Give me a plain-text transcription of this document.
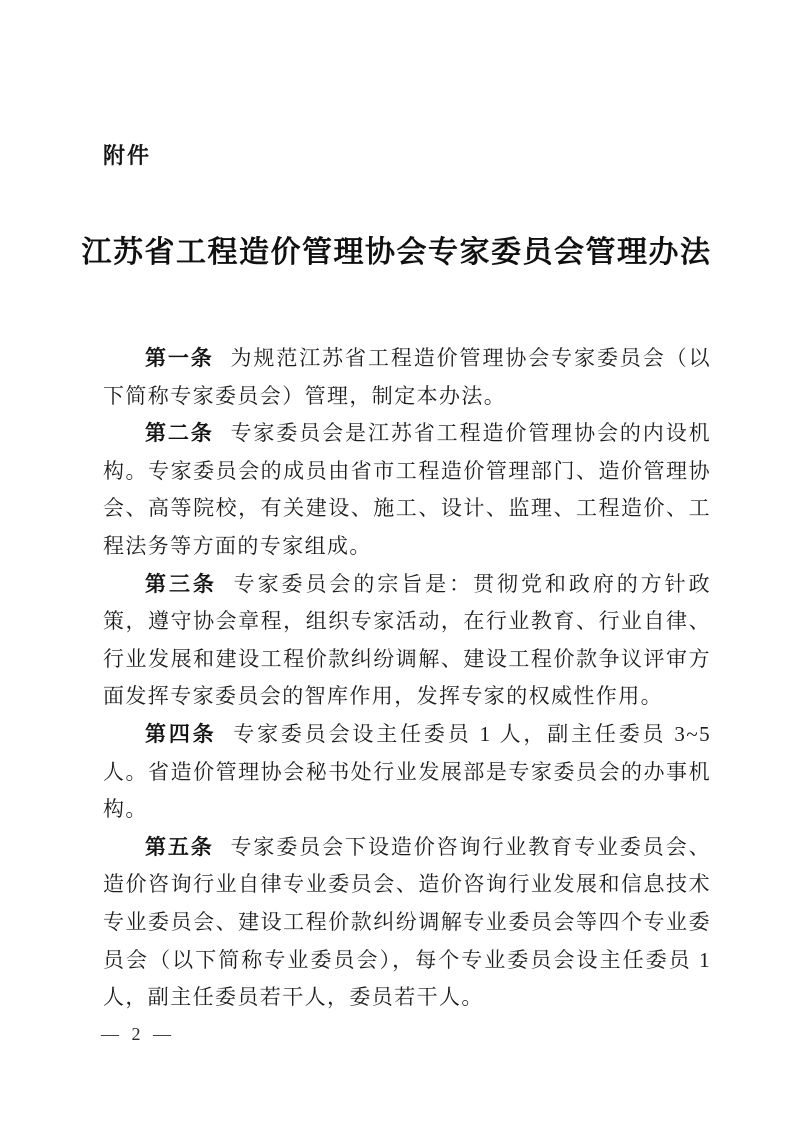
附件
江苏省工程造价管理协会专家委员会管理办法

第一条 为规范江苏省工程造价管理协会专家委员会（以下简称专家委员会）管理，制定本办法。

第二条 专家委员会是江苏省工程造价管理协会的内设机构。专家委员会的成员由省市工程造价管理部门、造价管理协会、高等院校，有关建设、施工、设计、监理、工程造价、工程法务等方面的专家组成。

第三条 专家委员会的宗旨是：贯彻党和政府的方针政策，遵守协会章程，组织专家活动，在行业教育、行业自律、行业发展和建设工程价款纠纷调解、建设工程价款争议评审方面发挥专家委员会的智库作用，发挥专家的权威性作用。

第四条 专家委员会设主任委员 1 人，副主任委员 3~5 人。省造价管理协会秘书处行业发展部是专家委员会的办事机构。

第五条 专家委员会下设造价咨询行业教育专业委员会、造价咨询行业自律专业委员会、造价咨询行业发展和信息技术专业委员会、建设工程价款纠纷调解专业委员会等四个专业委员会（以下简称专业委员会），每个专业委员会设主任委员 1 人，副主任委员若干人，委员若干人。

— 2 —
